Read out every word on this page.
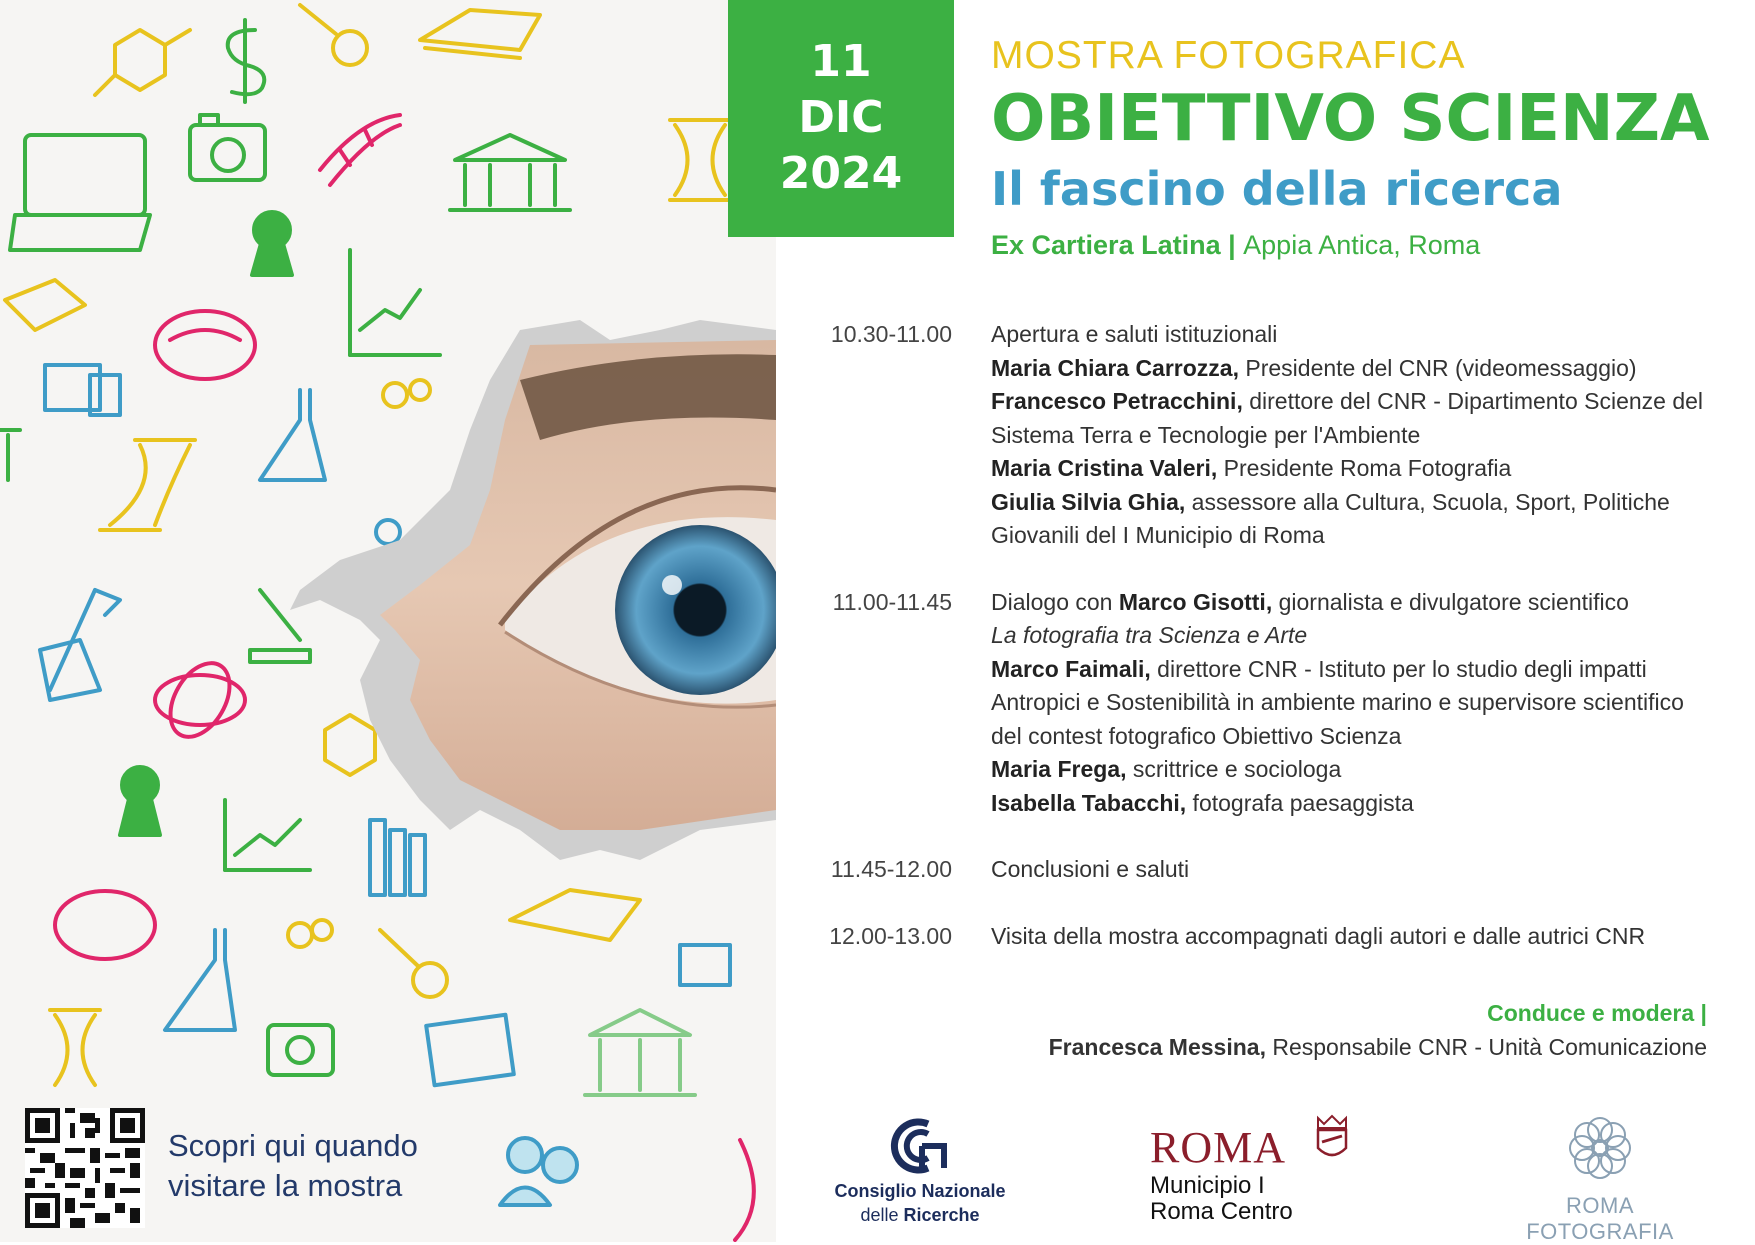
Scopri qui quando
visitare la mostra
11
DIC
2024
MOSTRA FOTOGRAFICA
OBIETTIVO SCIENZA
Il fascino della ricerca
Ex Cartiera Latina | Appia Antica, Roma
10.30-11.00 Apertura e saluti istituzionali
Maria Chiara Carrozza, Presidente del CNR (videomessaggio)
Francesco Petracchini, direttore del CNR - Dipartimento Scienze del Sistema Terra e Tecnologie per l'Ambiente
Maria Cristina Valeri, Presidente Roma Fotografia
Giulia Silvia Ghia, assessore alla Cultura, Scuola, Sport, Politiche Giovanili del I Municipio di Roma
11.00-11.45 Dialogo con Marco Gisotti, giornalista e divulgatore scientifico
La fotografia tra Scienza e Arte
Marco Faimali, direttore CNR - Istituto per lo studio degli impatti Antropici e Sostenibilità in ambiente marino e supervisore scientifico del contest fotografico Obiettivo Scienza
Maria Frega, scrittrice e sociologa
Isabella Tabacchi, fotografa paesaggista
11.45-12.00 Conclusioni e saluti
12.00-13.00 Visita della mostra accompagnati dagli autori e dalle autrici CNR
Conduce e modera |
Francesca Messina, Responsabile CNR - Unità Comunicazione
Consiglio Nazionale
delle Ricerche
ROMA
Municipio I
Roma Centro	ROMA FOTOGRAFIA
